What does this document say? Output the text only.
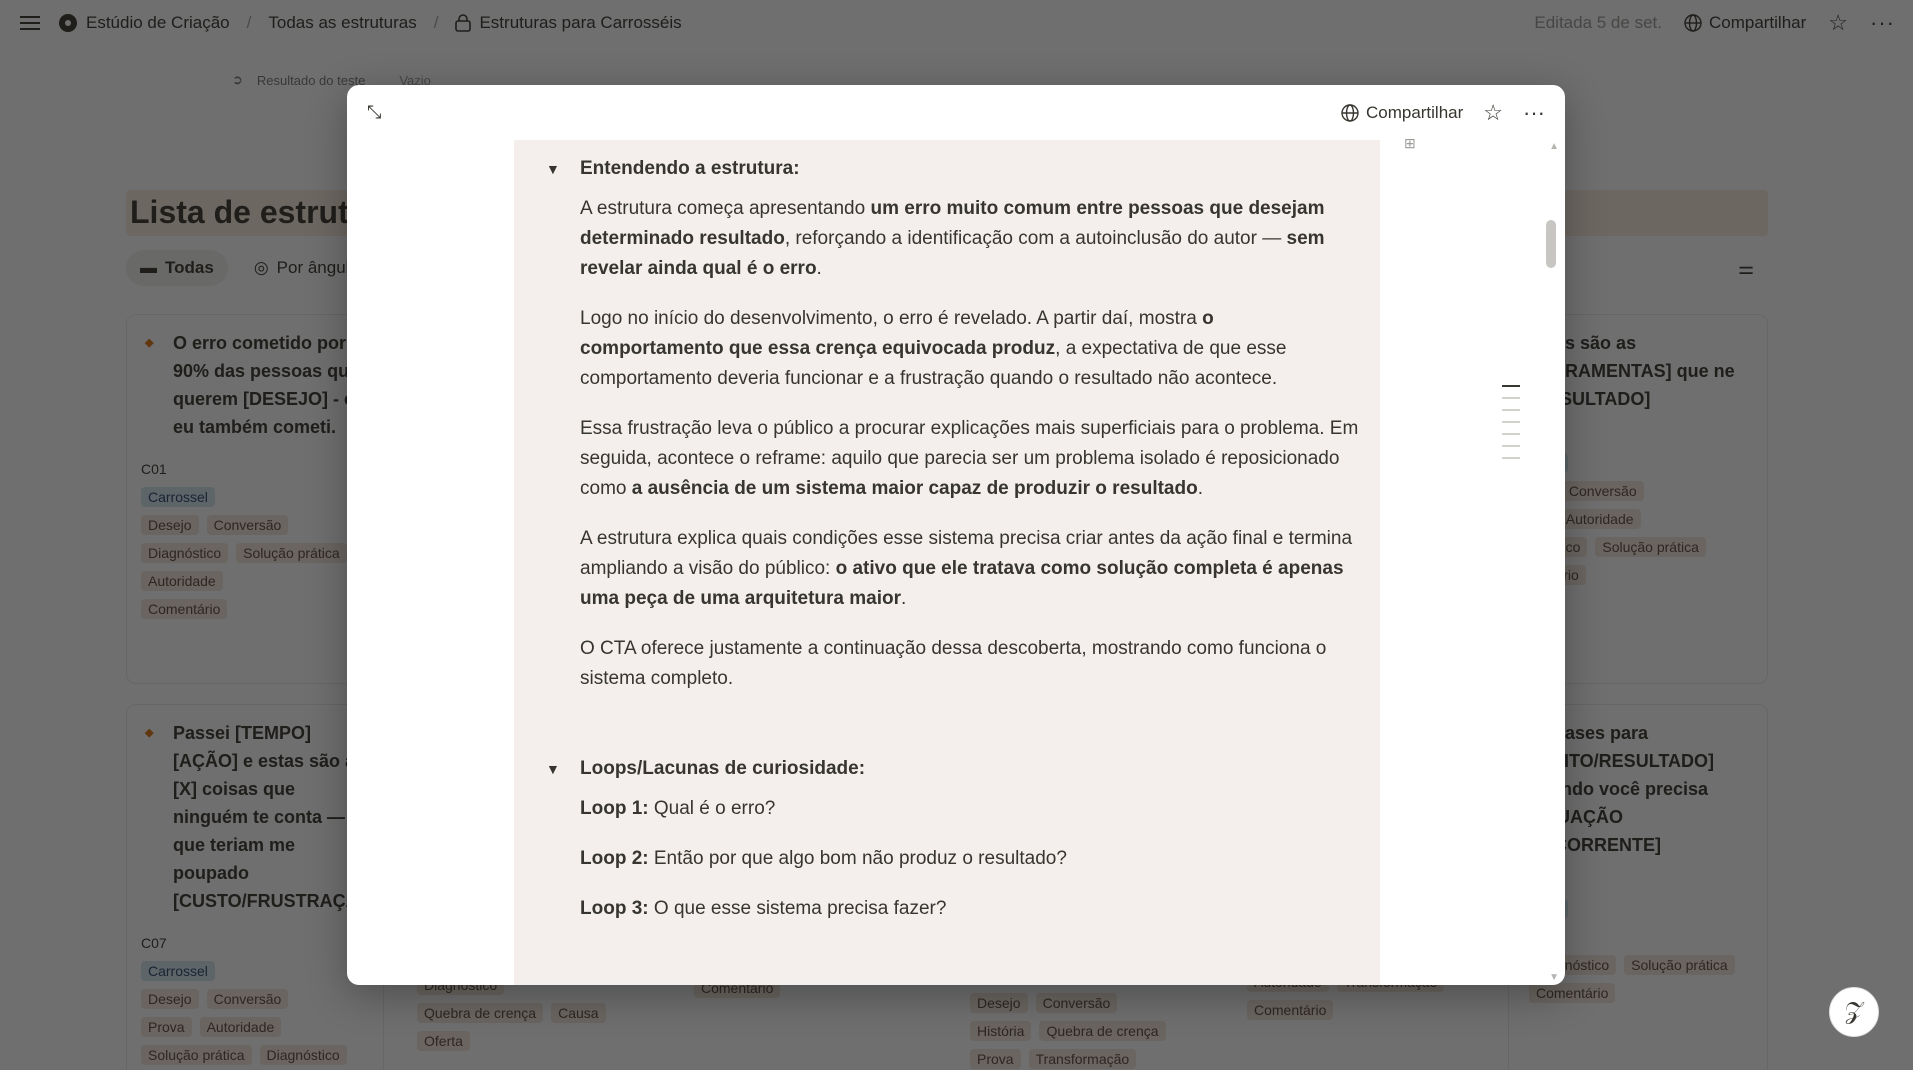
◆
◆
𝒵
⤡	Compartilhar ☆ ···
▼	Entendendo a estrutura:
A estrutura começa apresentando um erro muito comum entre pessoas que desejam determinado resultado, reforçando a identificação com a autoinclusão do autor — sem revelar ainda qual é o erro.
Logo no início do desenvolvimento, o erro é revelado. A partir daí, mostra o comportamento que essa crença equivocada produz, a expectativa de que esse comportamento deveria funcionar e a frustração quando o resultado não acontece.
Essa frustração leva o público a procurar explicações mais superficiais para o problema. Em seguida, acontece o reframe: aquilo que parecia ser um problema isolado é reposicionado como a ausência de um sistema maior capaz de produzir o resultado.
A estrutura explica quais condições esse sistema precisa criar antes da ação final e termina ampliando a visão do público: o ativo que ele tratava como solução completa é apenas uma peça de uma arquitetura maior.
O CTA oferece justamente a continuação dessa descoberta, mostrando como funciona o sistema completo.
▼	Loops/Lacunas de curiosidade:
Loop 1: Qual é o erro?
Loop 2: Então por que algo bom não produz o resultado?
Loop 3: O que esse sistema precisa fazer?
⊞	▲
▼
